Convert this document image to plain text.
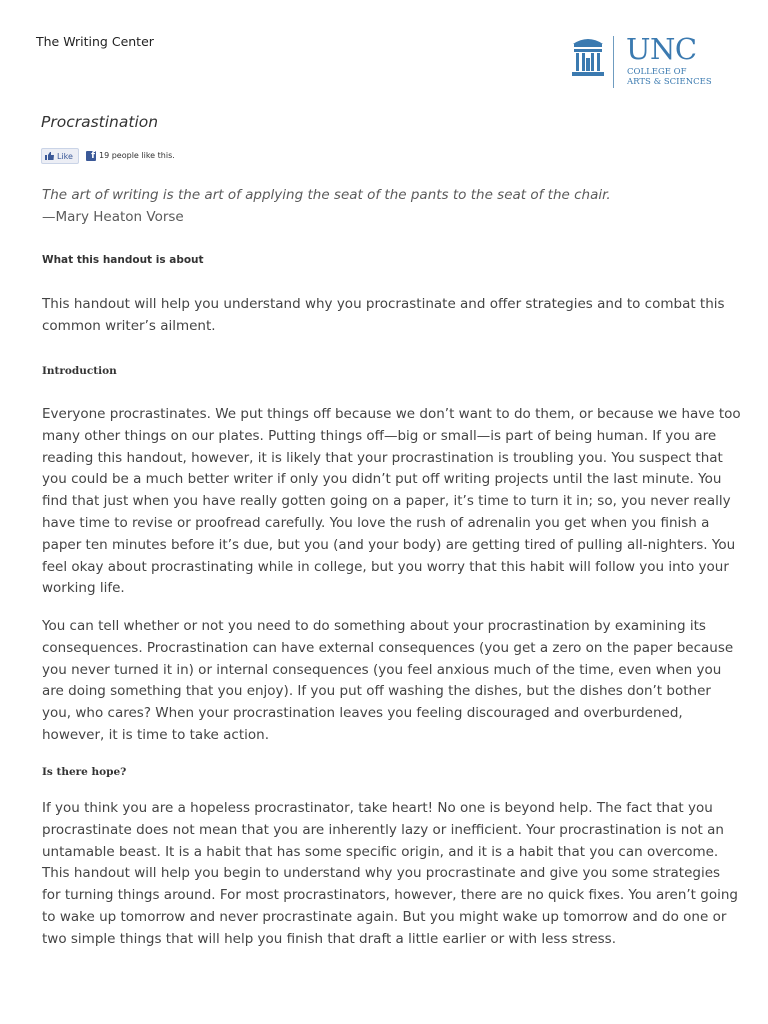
The Writing Center	UNC
COLLEGE OF
ARTS & SCIENCES
Procrastination
Like	f 19 people like this.
The art of writing is the art of applying the seat of the pants to the seat of the chair.
—Mary Heaton Vorse
What this handout is about

This handout will help you understand why you procrastinate and offer strategies and to combat this common writer’s ailment.

Introduction

Everyone procrastinates. We put things off because we don’t want to do them, or because we have too many other things on our plates. Putting things off—big or small—is part of being human. If you are reading this handout, however, it is likely that your procrastination is troubling you. You suspect that you could be a much better writer if only you didn’t put off writing projects until the last minute. You find that just when you have really gotten going on a paper, it’s time to turn it in; so, you never really have time to revise or proofread carefully. You love the rush of adrenalin you get when you finish a paper ten minutes before it’s due, but you (and your body) are getting tired of pulling all-nighters. You feel okay about procrastinating while in college, but you worry that this habit will follow you into your working life.

You can tell whether or not you need to do something about your procrastination by examining its consequences. Procrastination can have external consequences (you get a zero on the paper because you never turned it in) or internal consequences (you feel anxious much of the time, even when you are doing something that you enjoy). If you put off washing the dishes, but the dishes don’t bother you, who cares? When your procrastination leaves you feeling discouraged and overburdened, however, it is time to take action.

Is there hope?

If you think you are a hopeless procrastinator, take heart! No one is beyond help. The fact that you procrastinate does not mean that you are inherently lazy or inefficient. Your procrastination is not an untamable beast. It is a habit that has some specific origin, and it is a habit that you can overcome. This handout will help you begin to understand why you procrastinate and give you some strategies for turning things around. For most procrastinators, however, there are no quick fixes. You aren’t going to wake up tomorrow and never procrastinate again. But you might wake up tomorrow and do one or two simple things that will help you finish that draft a little earlier or with less stress.
